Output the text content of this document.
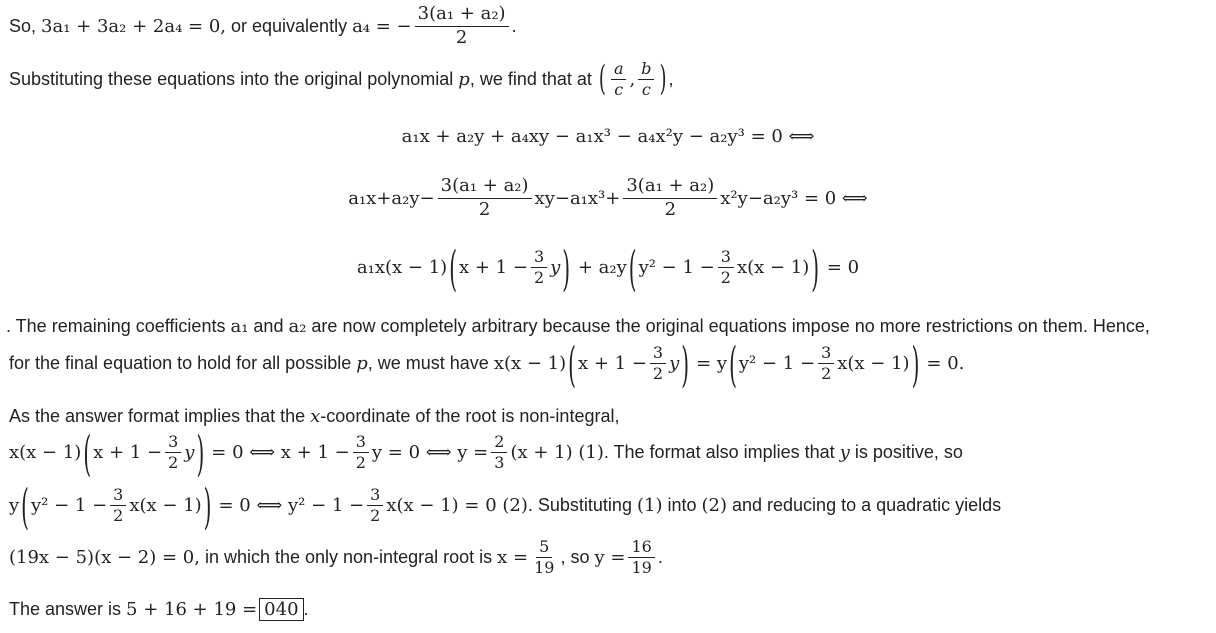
So,
3a₁ + 3a₂ + 2a₄ = 0, or equivalently a₄ = − $\frac{\text{3(a₁ + a₂)}}{2}$ .
Substituting these equations into the original polynomial p , we find that at ( $\frac{a}{c}$ , $\frac{b}{c}$ ) ,
a₁x + a₂y + a₄xy − a₁x³ − a₄x²y − a₂y³ = 0 ⟺
$a_1x+a_2y- \frac{\text{3(a₁ + a₂)}}{2} xy-a_1x^3+ \frac{\text{3(a₁ + a₂)}}{2} x^2y-a_2y^3 = 0$ ⟺
a₁x(x − 1) ( $x + 1 - \frac{3}{2}$ y )
+ a₂y ( $y^2 - 1 - \frac{3}{2} x(x - 1)$ )
= 0
. The remaining coefficients a₁ and a₂ are now completely arbitrary because the original equations impose no more restrictions on them. Hence,
for the final equation to hold for all possible p , we must have x(x − 1) ( $x + 1 - \frac{3}{2}$ y )
= y ( $y^2 - 1 - \frac{3}{2} x(x - 1)$ )
= 0.
As the answer format implies that the x -coordinate of the root is non-integral,
x(x − 1) ( $x + 1 - \frac{3}{2}$ y )
= 0 ⟺ $x + 1 - \frac{3}{2}$ y = 0 ⟺ $y = \frac{2}{3} (x + 1)$ (1) . The format also implies that y is positive, so
y ( $y^2 - 1 - \frac{3}{2} x(x - 1)$ )
= 0 ⟺ $y^2 - 1 - \frac{3}{2} x(x - 1) = 0$ (2) . Substituting (1) into (2) and reducing to a quadratic yields
(19x − 5)(x − 2) = 0, in which the only non-integral root is $x = \frac{5}{19}$ , so $y = \frac{16}{19}$ .
The answer is 5 + 16 + 19 = 040 .
